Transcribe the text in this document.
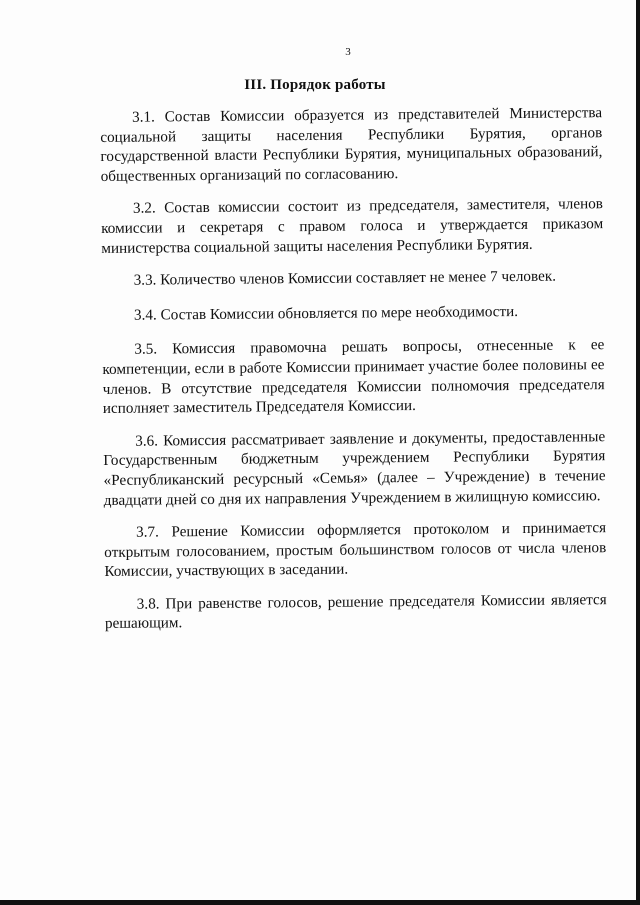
3
III. Порядок работы

3.1. Состав Комиссии образуется из представителей Министерства социальной защиты населения Республики Бурятия, органов государственной власти Республики Бурятия, муниципальных образований, общественных организаций по согласованию.

3.2. Состав комиссии состоит из председателя, заместителя, членов комиссии и секретаря с правом голоса и утверждается приказом министерства социальной защиты населения Республики Бурятия.

3.3. Количество членов Комиссии составляет не менее 7 человек.

3.4. Состав Комиссии обновляется по мере необходимости.

3.5. Комиссия правомочна решать вопросы, отнесенные к ее компетенции, если в работе Комиссии принимает участие более половины ее членов. В отсутствие председателя Комиссии полномочия председателя исполняет заместитель Председателя Комиссии.

3.6. Комиссия рассматривает заявление и документы, предоставленные Государственным бюджетным учреждением Республики Бурятия «Республиканский ресурсный «Семья» (далее – Учреждение) в течение двадцати дней со дня их направления Учреждением в жилищную комиссию.

3.7. Решение Комиссии оформляется протоколом и принимается открытым голосованием, простым большинством голосов от числа членов Комиссии, участвующих в заседании.

3.8. При равенстве голосов, решение председателя Комиссии является решающим.
